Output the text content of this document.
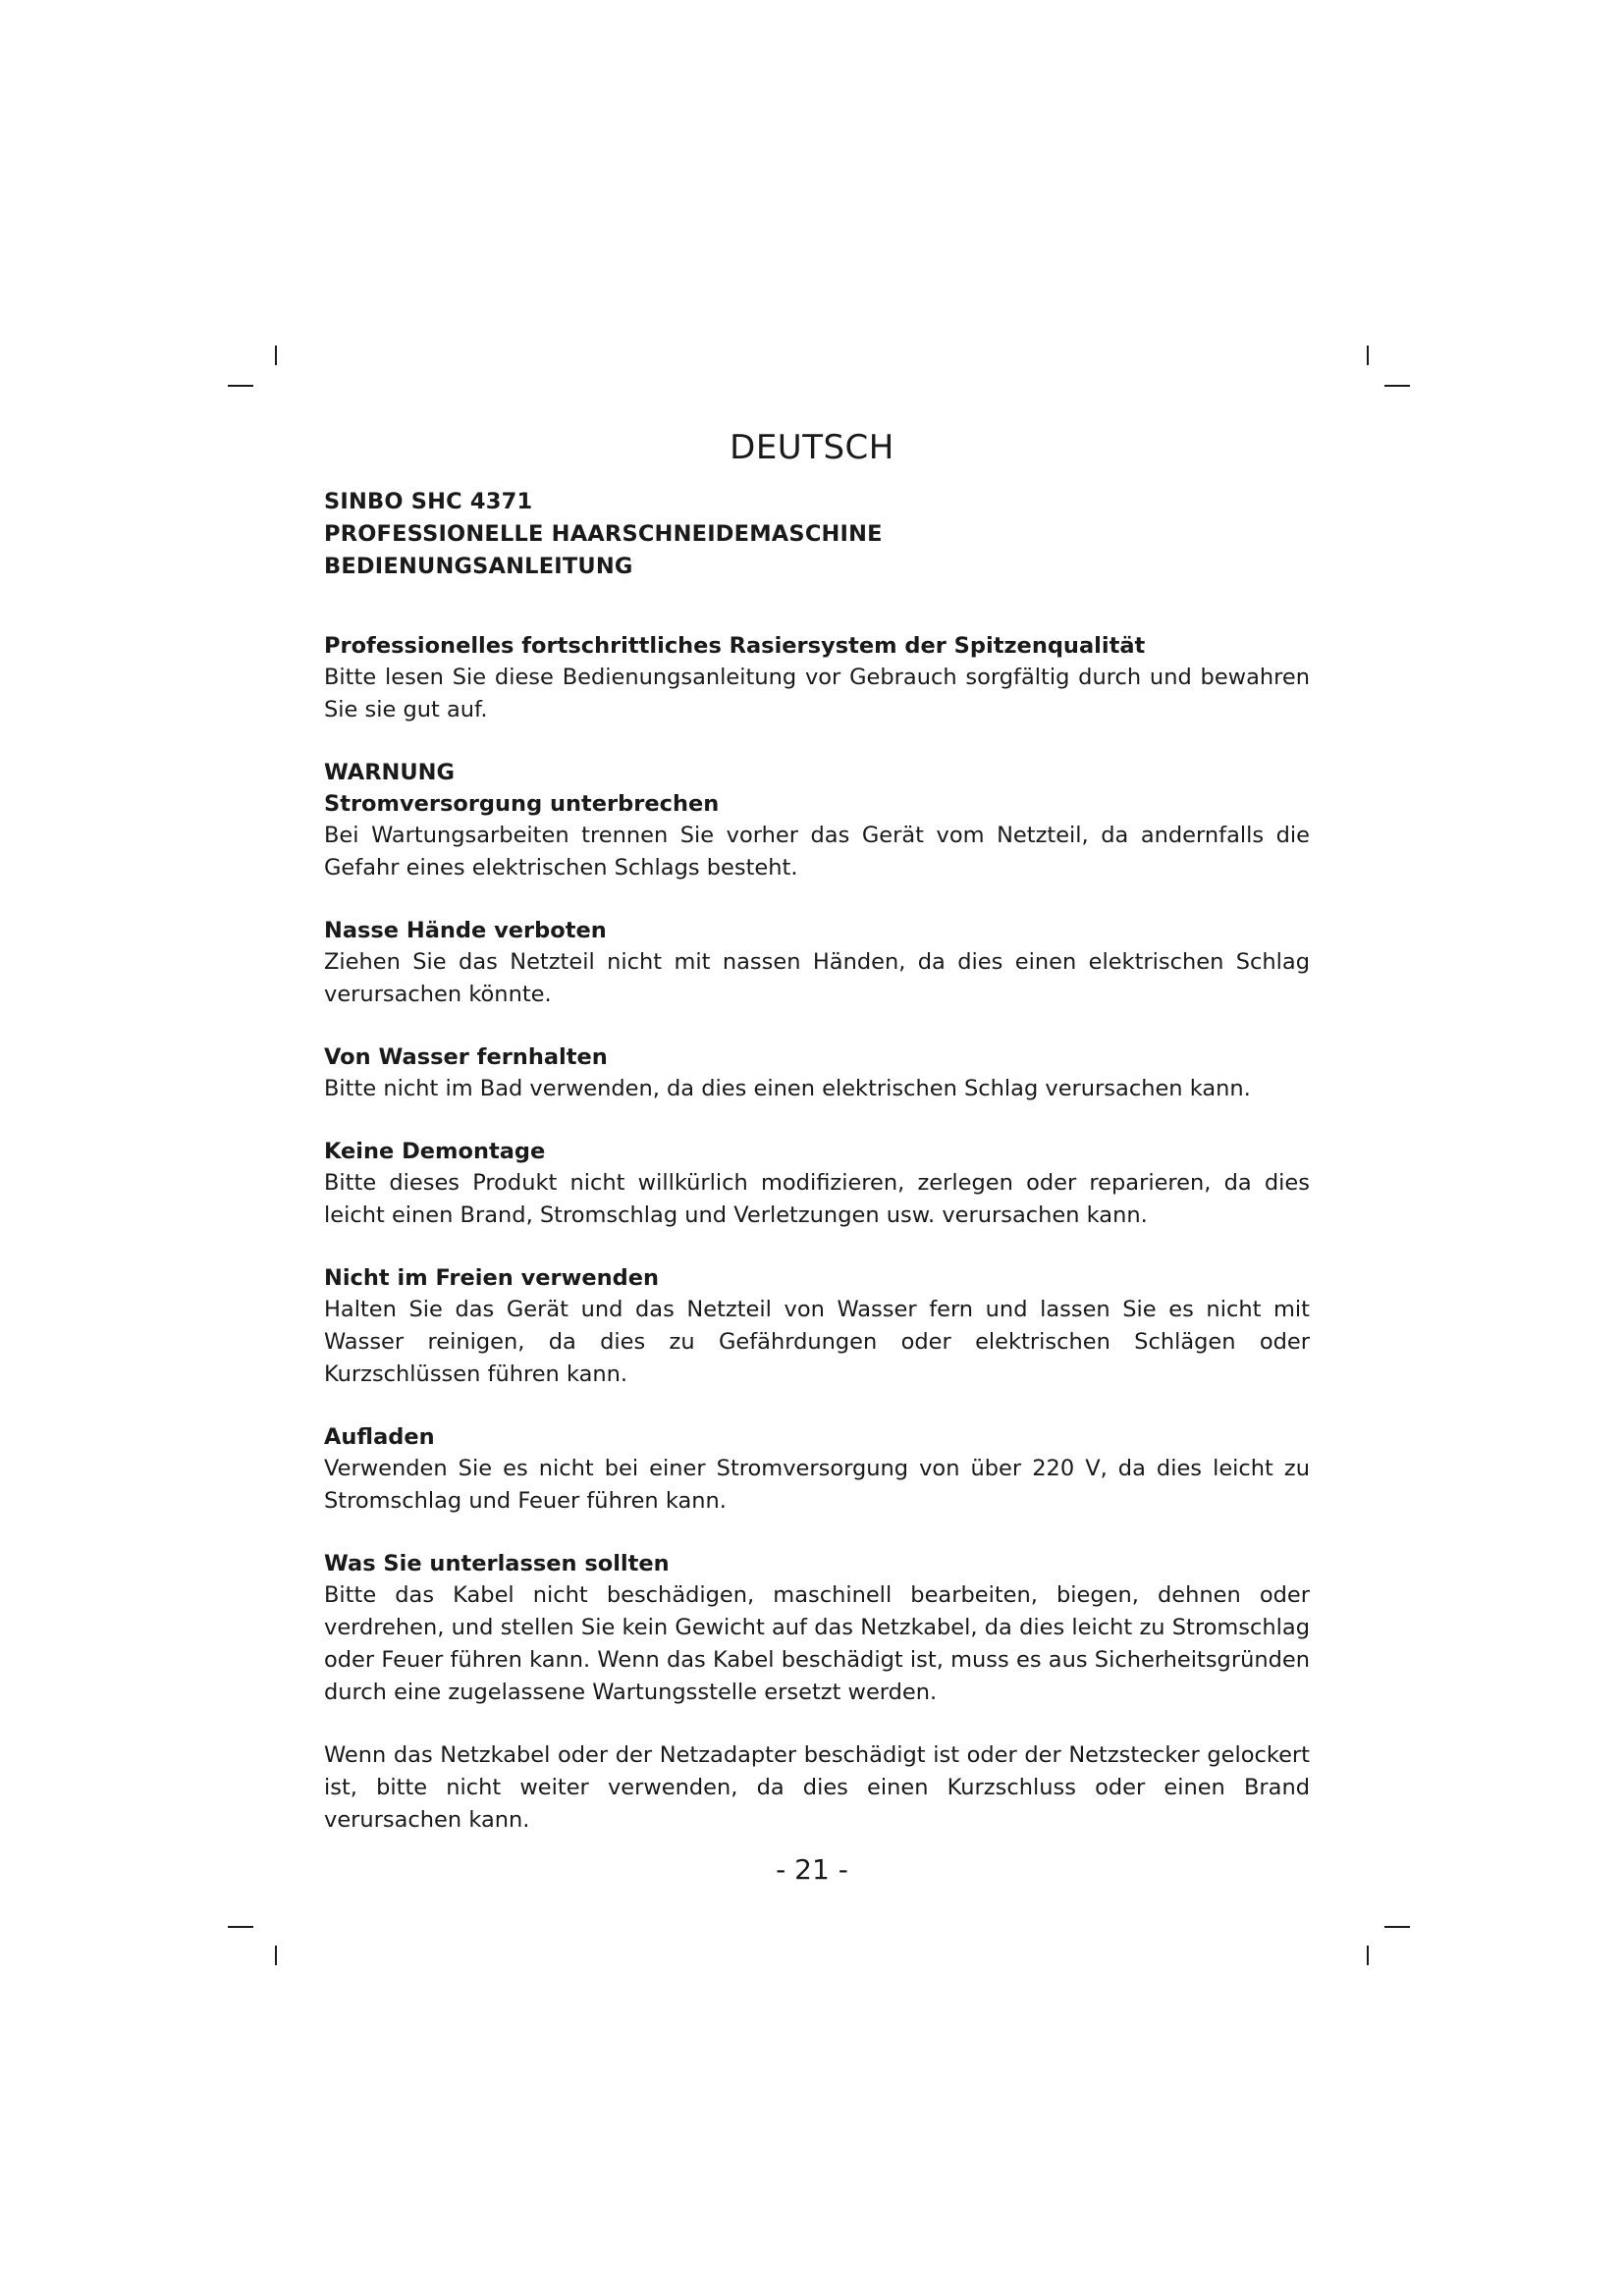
DEUTSCH
SINBO SHC 4371
PROFESSIONELLE HAARSCHNEIDEMASCHINE
BEDIENUNGSANLEITUNG

Professionelles fortschrittliches Rasiersystem der Spitzenqualität

Bitte lesen Sie diese Bedienungsanleitung vor Gebrauch sorgfältig durch und bewahren Sie sie gut auf.

WARNUNG

Stromversorgung unterbrechen

Bei Wartungsarbeiten trennen Sie vorher das Gerät vom Netzteil, da andernfalls die Gefahr eines elektrischen Schlags besteht.

Nasse Hände verboten

Ziehen Sie das Netzteil nicht mit nassen Händen, da dies einen elektrischen Schlag verursachen könnte.

Von Wasser fernhalten

Bitte nicht im Bad verwenden, da dies einen elektrischen Schlag verursachen kann.

Keine Demontage

Bitte dieses Produkt nicht willkürlich modifizieren, zerlegen oder reparieren, da dies leicht einen Brand, Stromschlag und Verletzungen usw. verursachen kann.

Nicht im Freien verwenden

Halten Sie das Gerät und das Netzteil von Wasser fern und lassen Sie es nicht mit Wasser reinigen, da dies zu Gefährdungen oder elektrischen Schlägen oder Kurzschlüssen führen kann.

Aufladen

Verwenden Sie es nicht bei einer Stromversorgung von über 220 V, da dies leicht zu Stromschlag und Feuer führen kann.

Was Sie unterlassen sollten

Bitte das Kabel nicht beschädigen, maschinell bearbeiten, biegen, dehnen oder verdrehen, und stellen Sie kein Gewicht auf das Netzkabel, da dies leicht zu Stromschlag oder Feuer führen kann. Wenn das Kabel beschädigt ist, muss es aus Sicherheitsgründen durch eine zugelassene Wartungsstelle ersetzt werden.

Wenn das Netzkabel oder der Netzadapter beschädigt ist oder der Netzstecker gelockert ist, bitte nicht weiter verwenden, da dies einen Kurzschluss oder einen Brand verursachen kann.

- 21 -
